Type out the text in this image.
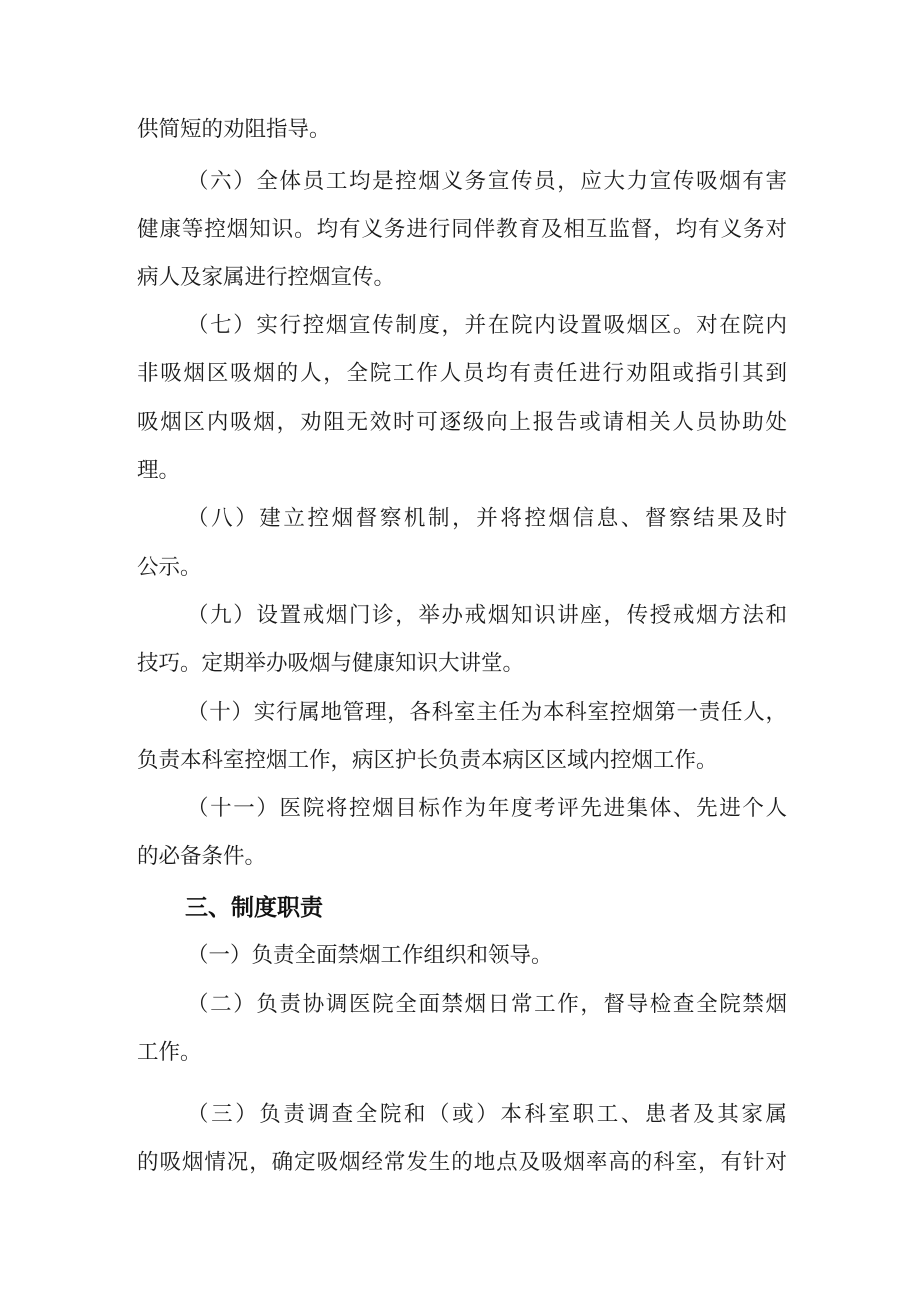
供简短的劝阻指导。
（六）全体员工均是控烟义务宣传员，应大力宣传吸烟有害
健康等控烟知识。均有义务进行同伴教育及相互监督，均有义务对
病人及家属进行控烟宣传。
（七）实行控烟宣传制度，并在院内设置吸烟区。对在院内
非吸烟区吸烟的人，全院工作人员均有责任进行劝阻或指引其到
吸烟区内吸烟，劝阻无效时可逐级向上报告或请相关人员协助处
理。
（八）建立控烟督察机制，并将控烟信息、督察结果及时
公示。
（九）设置戒烟门诊，举办戒烟知识讲座，传授戒烟方法和
技巧。定期举办吸烟与健康知识大讲堂。
（十）实行属地管理，各科室主任为本科室控烟第一责任人，
负责本科室控烟工作，病区护长负责本病区区域内控烟工作。
（十一）医院将控烟目标作为年度考评先进集体、先进个人
的必备条件。
三、制度职责
（一）负责全面禁烟工作组织和领导。
（二）负责协调医院全面禁烟日常工作，督导检查全院禁烟
工作。
（三）负责调查全院和（或）本科室职工、患者及其家属
的吸烟情况，确定吸烟经常发生的地点及吸烟率高的科室，有针对
